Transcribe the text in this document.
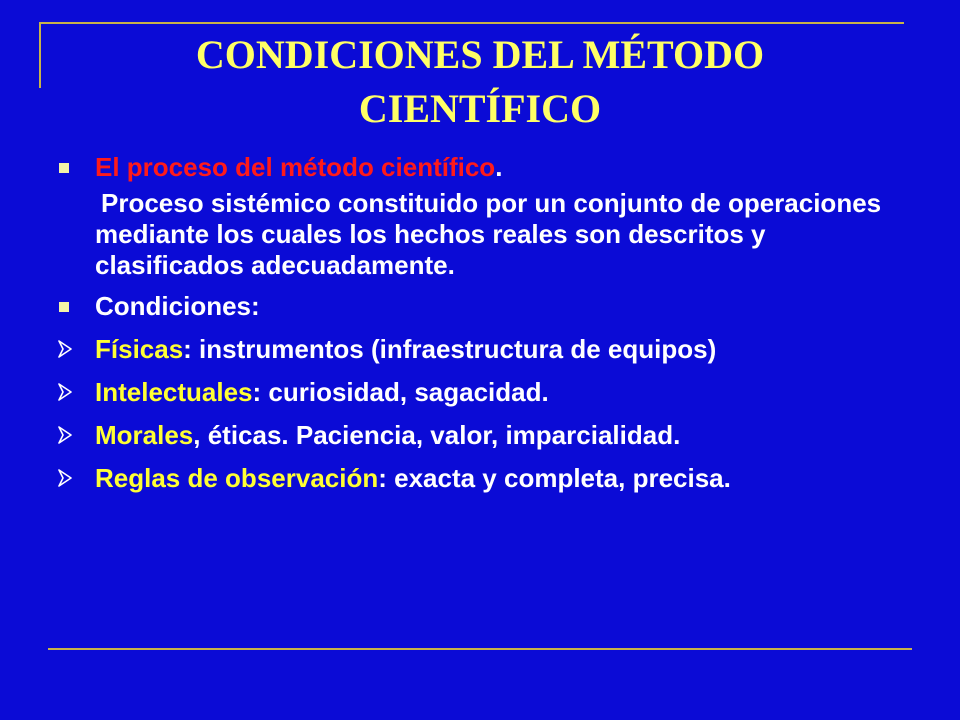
CONDICIONES DEL MÉTODO
CIENTÍFICO
El proceso del método científico.
Proceso sistémico constituido por un conjunto de operaciones mediante los cuales los hechos reales son descritos y clasificados adecuadamente.
Condiciones:
Físicas: instrumentos (infraestructura de equipos)
Intelectuales: curiosidad, sagacidad.
Morales, éticas. Paciencia, valor, imparcialidad.
Reglas de observación: exacta y completa, precisa.
